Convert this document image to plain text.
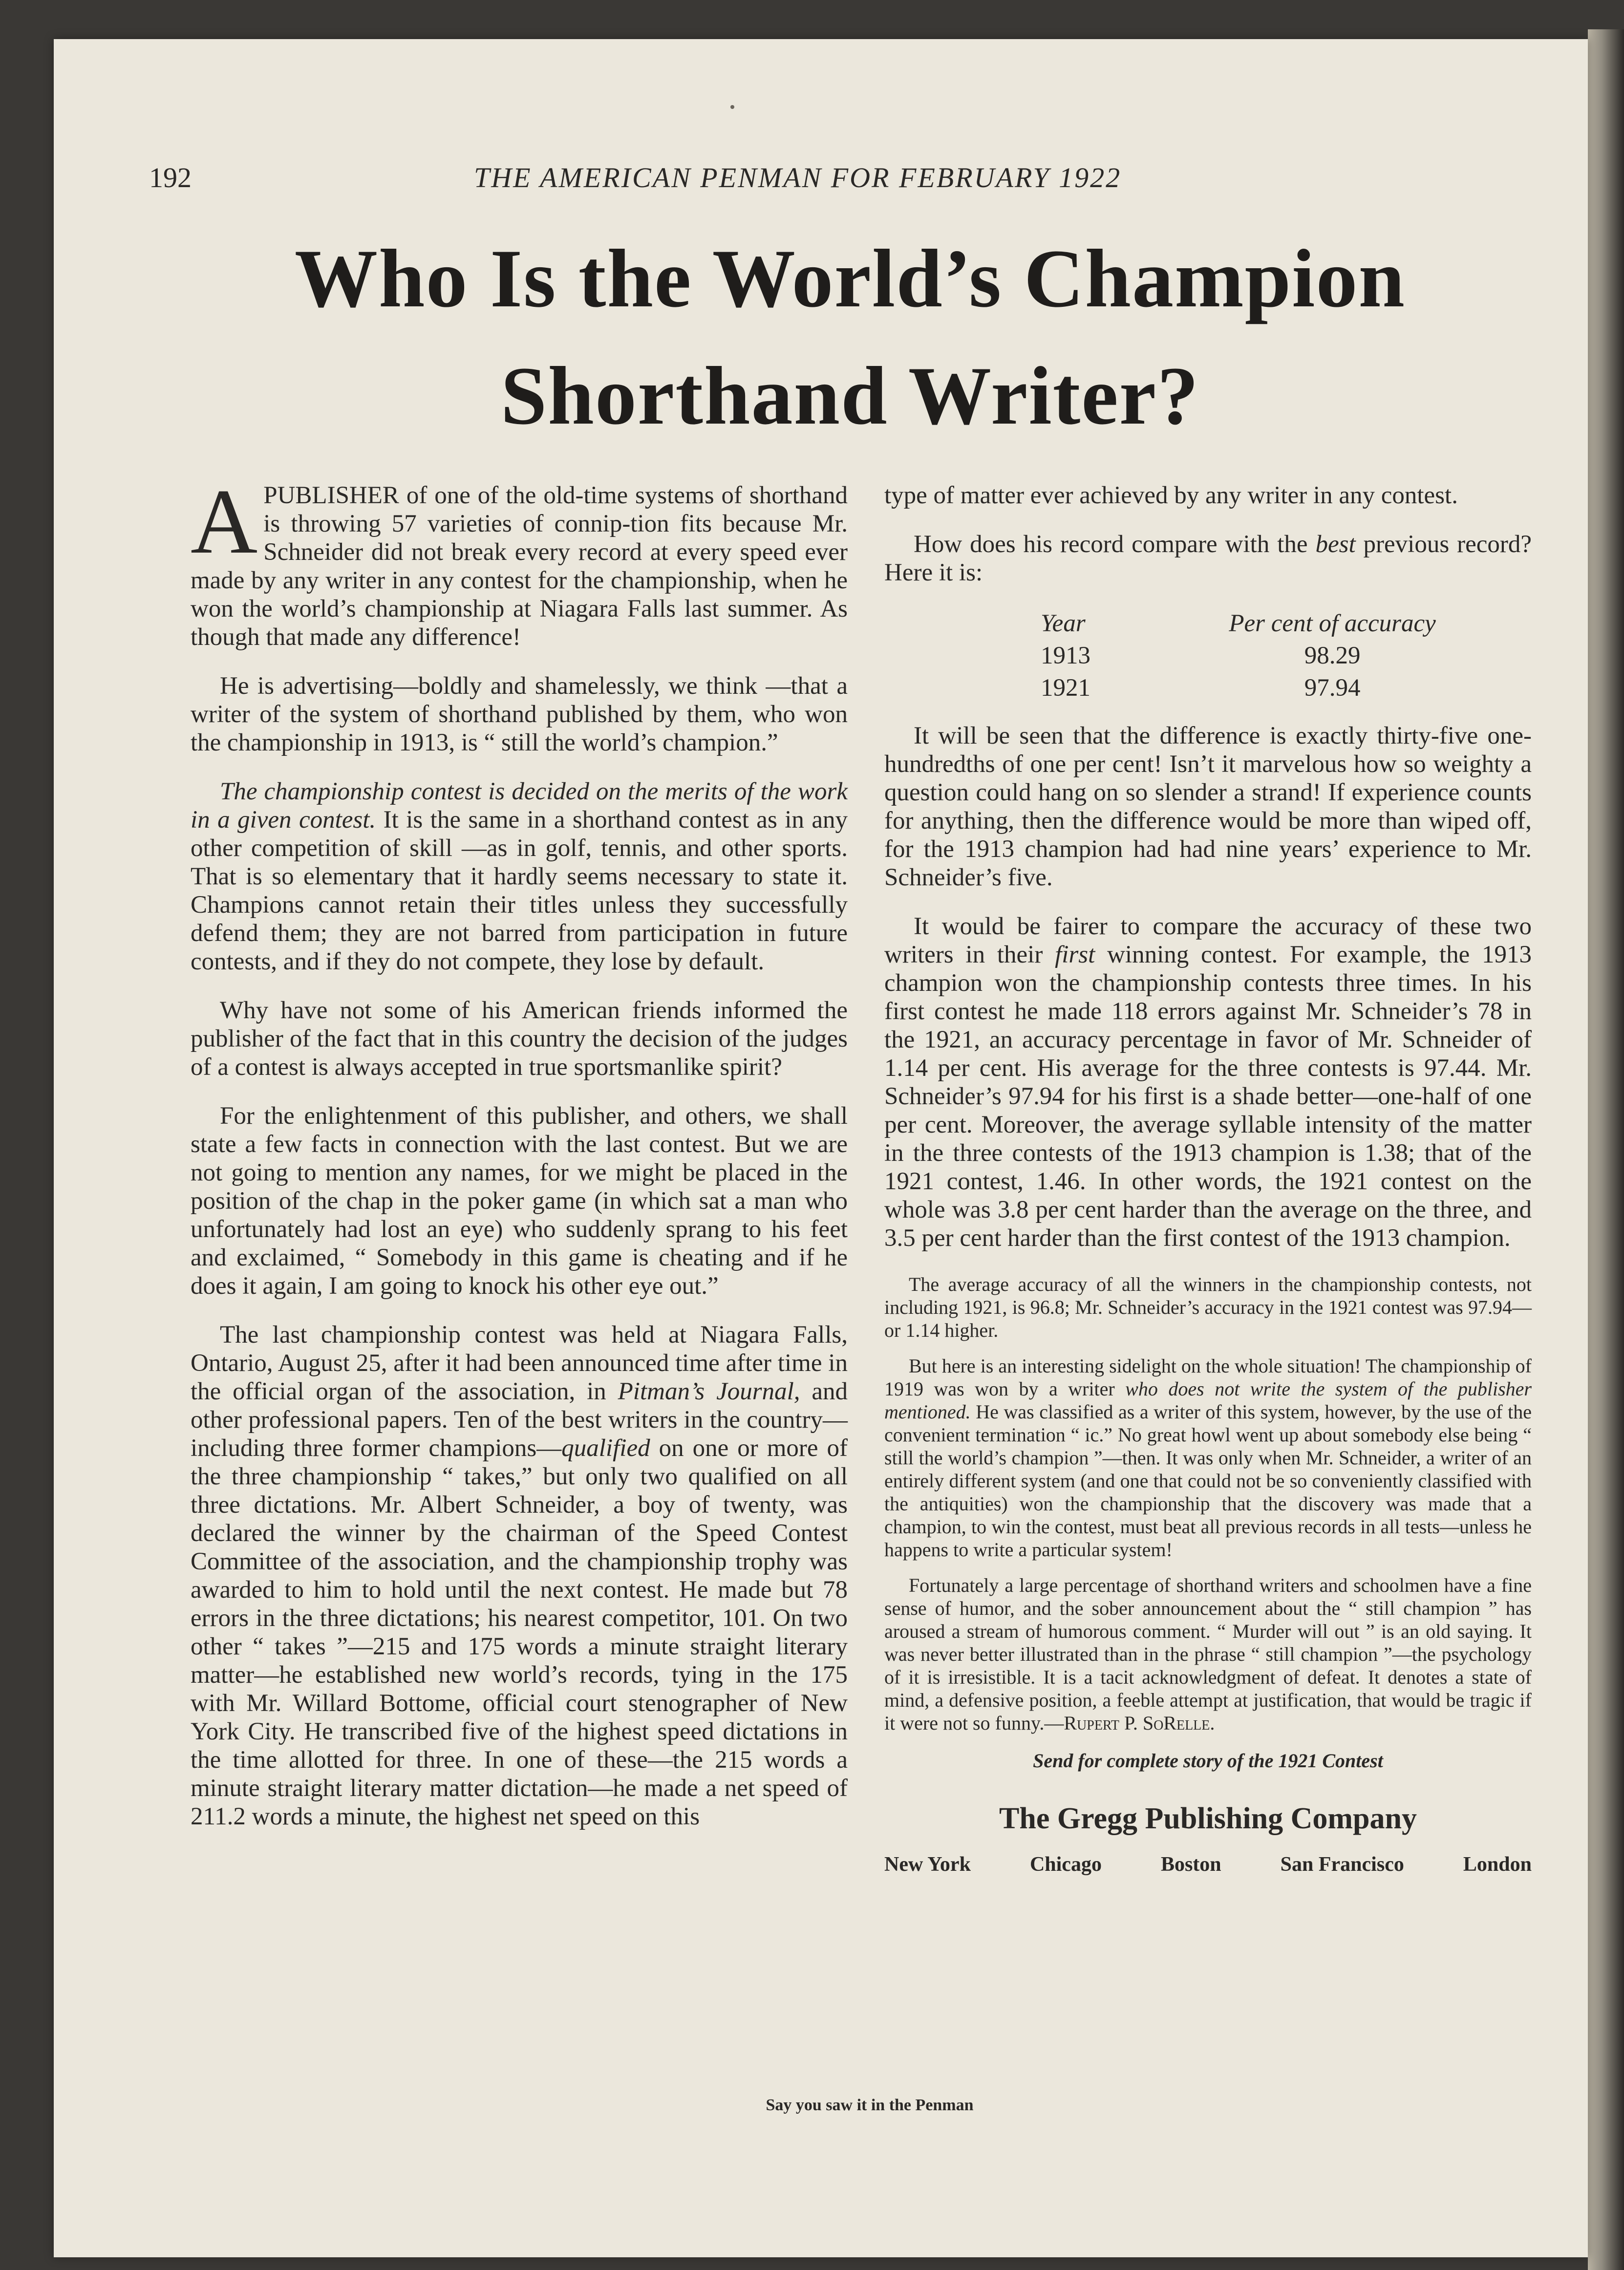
192	THE AMERICAN PENMAN FOR FEBRUARY 1922
Who Is the World’s Champion
Shorthand Writer?

APUBLISHER of one of the old-time systems of shorthand is throwing 57 varieties of connip-tion fits because Mr. Schneider did not break every record at every speed ever made by any writer in any contest for the championship, when he won the world’s championship at Niagara Falls last summer. As though that made any difference!

He is advertising—boldly and shamelessly, we think —that a writer of the system of shorthand published by them, who won the championship in 1913, is “ still the world’s champion.”

The championship contest is decided on the merits of the work in a given contest. It is the same in a shorthand contest as in any other competition of skill —as in golf, tennis, and other sports. That is so elementary that it hardly seems necessary to state it. Champions cannot retain their titles unless they successfully defend them; they are not barred from participation in future contests, and if they do not compete, they lose by default.

Why have not some of his American friends informed the publisher of the fact that in this country the decision of the judges of a contest is always accepted in true sportsmanlike spirit?

For the enlightenment of this publisher, and others, we shall state a few facts in connection with the last contest. But we are not going to mention any names, for we might be placed in the position of the chap in the poker game (in which sat a man who unfortunately had lost an eye) who suddenly sprang to his feet and exclaimed, “ Somebody in this game is cheating and if he does it again, I am going to knock his other eye out.”

The last championship contest was held at Niagara Falls, Ontario, August 25, after it had been announced time after time in the official organ of the association, in Pitman’s Journal, and other professional papers. Ten of the best writers in the country—including three former champions—qualified on one or more of the three championship “ takes,” but only two qualified on all three dictations. Mr. Albert Schneider, a boy of twenty, was declared the winner by the chairman of the Speed Contest Committee of the association, and the championship trophy was awarded to him to hold until the next contest. He made but 78 errors in the three dictations; his nearest competitor, 101. On two other “ takes ”—215 and 175 words a minute straight literary matter—he established new world’s records, tying in the 175 with Mr. Willard Bottome, official court stenographer of New York City. He transcribed five of the highest speed dictations in the time allotted for three. In one of these—the 215 words a minute straight literary matter dictation—he made a net speed of 211.2 words a minute, the highest net speed on this

type of matter ever achieved by any writer in any contest.

How does his record compare with the best previous record? Here it is:

Year	Per cent of accuracy
1913	98.29
1921	97.94

It will be seen that the difference is exactly thirty-five one-hundredths of one per cent! Isn’t it marvelous how so weighty a question could hang on so slender a strand! If experience counts for anything, then the difference would be more than wiped off, for the 1913 champion had had nine years’ experience to Mr. Schneider’s five.

It would be fairer to compare the accuracy of these two writers in their first winning contest. For example, the 1913 champion won the championship contests three times. In his first contest he made 118 errors against Mr. Schneider’s 78 in the 1921, an accuracy percentage in favor of Mr. Schneider of 1.14 per cent. His average for the three contests is 97.44. Mr. Schneider’s 97.94 for his first is a shade better—one-half of one per cent. Moreover, the average syllable intensity of the matter in the three contests of the 1913 champion is 1.38; that of the 1921 contest, 1.46. In other words, the 1921 contest on the whole was 3.8 per cent harder than the average on the three, and 3.5 per cent harder than the first contest of the 1913 champion.

The average accuracy of all the winners in the championship contests, not including 1921, is 96.8; Mr. Schneider’s accuracy in the 1921 contest was 97.94—or 1.14 higher.

But here is an interesting sidelight on the whole situation! The championship of 1919 was won by a writer who does not write the system of the publisher mentioned. He was classified as a writer of this system, however, by the use of the convenient termination “ ic.” No great howl went up about somebody else being “ still the world’s champion ”—then. It was only when Mr. Schneider, a writer of an entirely different system (and one that could not be so conveniently classified with the antiquities) won the championship that the discovery was made that a champion, to win the contest, must beat all previous records in all tests—unless he happens to write a particular system!

Fortunately a large percentage of shorthand writers and schoolmen have a fine sense of humor, and the sober announcement about the “ still champion ” has aroused a stream of humorous comment. “ Murder will out ” is an old saying. It was never better illustrated than in the phrase “ still champion ”—the psychology of it is irresistible. It is a tacit acknowledgment of defeat. It denotes a state of mind, a defensive position, a feeble attempt at justification, that would be tragic if it were not so funny.—Rupert P. SoRelle.

Send for complete story of the 1921 Contest
The Gregg Publishing Company
New York	Chicago	Boston	San Francisco	London
Say you saw it in the Penman
